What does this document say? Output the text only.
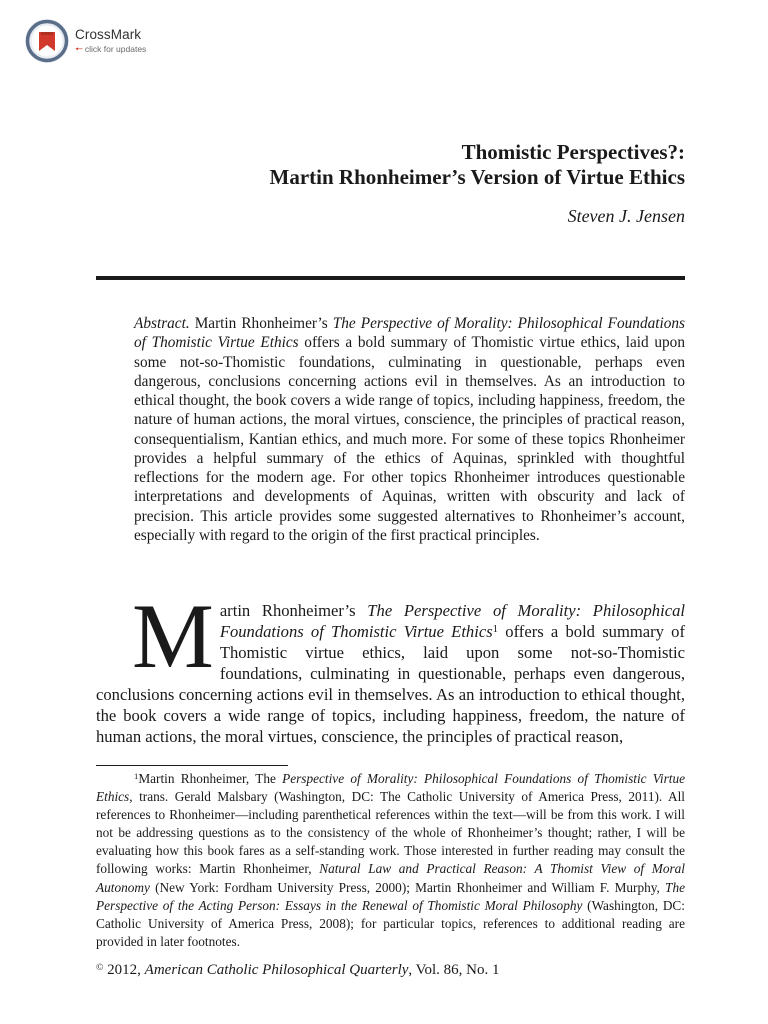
CrossMark
🠔 click for updates
Thomistic Perspectives?:
Martin Rhonheimer’s Version of Virtue Ethics
Steven J. Jensen

Abstract. Martin Rhonheimer’s The Perspective of Morality: Philosophical Foundations of Thomistic Virtue Ethics offers a bold summary of Thomistic virtue ethics, laid upon some not-so-Thomistic foundations, culminating in questionable, perhaps even dangerous, conclusions concerning actions evil in themselves. As an introduction to ethical thought, the book covers a wide range of topics, including happiness, freedom, the nature of human actions, the moral virtues, conscience, the principles of practical reason, consequentialism, Kantian ethics, and much more. For some of these topics Rhonheimer provides a helpful summary of the ethics of Aquinas, sprinkled with thoughtful reflections for the modern age. For other topics Rhonheimer introduces questionable interpretations and developments of Aquinas, written with obscurity and lack of precision. This article provides some suggested alternatives to Rhonheimer’s account, especially with regard to the origin of the first practical principles.

Martin Rhonheimer’s The Perspective of Morality: Philosophical Foundations of Thomistic Virtue Ethics$^1$ offers a bold summary of Thomistic virtue ethics, laid upon some not-so-Thomistic foundations, culminating in questionable, perhaps even dangerous, conclusions concerning actions evil in themselves. As an introduction to ethical thought, the book covers a wide range of topics, including happiness, freedom, the nature of human actions, the moral virtues, conscience, the principles of practical reason,

$^1$Martin Rhonheimer, The Perspective of Morality: Philosophical Foundations of Thomistic Virtue Ethics, trans. Gerald Malsbary (Washington, DC: The Catholic University of America Press, 2011). All references to Rhonheimer—including parenthetical references within the text—will be from this work. I will not be addressing questions as to the consistency of the whole of Rhonheimer’s thought; rather, I will be evaluating how this book fares as a self-standing work. Those interested in further reading may consult the following works: Martin Rhonheimer, Natural Law and Practical Reason: A Thomist View of Moral Autonomy (New York: Fordham University Press, 2000); Martin Rhonheimer and William F. Murphy, The Perspective of the Acting Person: Essays in the Renewal of Thomistic Moral Philosophy (Washington, DC: Catholic University of America Press, 2008); for particular topics, references to additional reading are provided in later footnotes.

© 2012, American Catholic Philosophical Quarterly, Vol. 86, No. 1
